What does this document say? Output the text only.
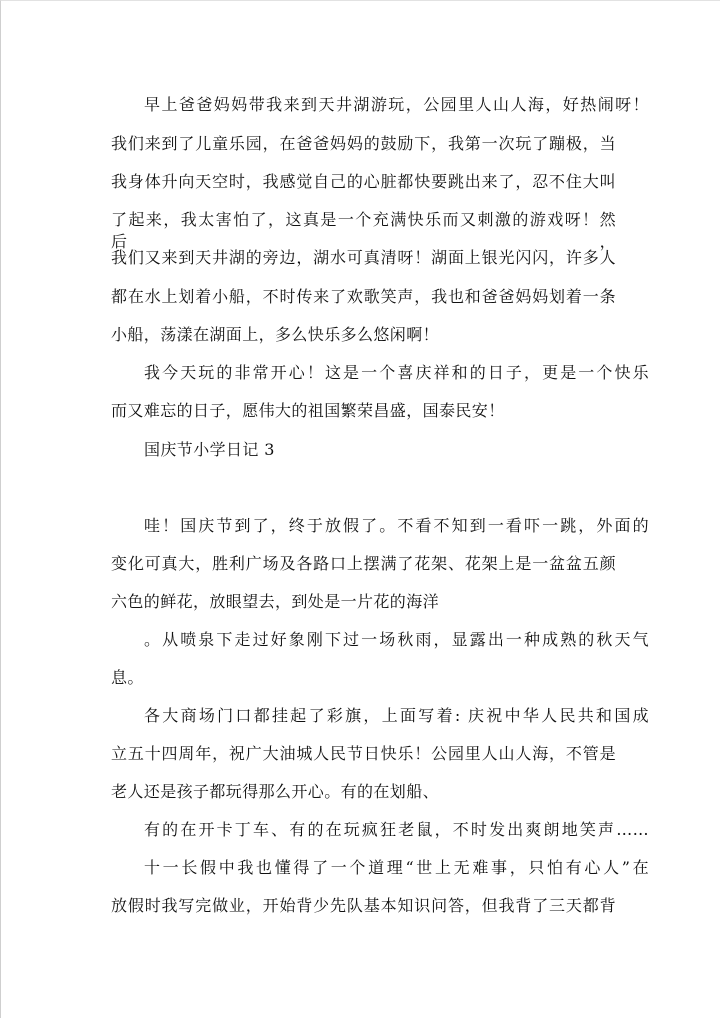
早上爸爸妈妈带我来到天井湖游玩，公园里人山人海，好热闹呀！
我们来到了儿童乐园，在爸爸妈妈的鼓励下，我第一次玩了蹦极，当
我身体升向天空时，我感觉自己的心脏都快要跳出来了，忍不住大叫
了起来，我太害怕了，这真是一个充满快乐而又刺激的游戏呀！然后，
我们又来到天井湖的旁边，湖水可真清呀！湖面上银光闪闪，许多人
都在水上划着小船，不时传来了欢歌笑声，我也和爸爸妈妈划着一条
小船，荡漾在湖面上，多么快乐多么悠闲啊！
我今天玩的非常开心！这是一个喜庆祥和的日子，更是一个快乐
而又难忘的日子，愿伟大的祖国繁荣昌盛，国泰民安！
国庆节小学日记 3
哇！国庆节到了，终于放假了。不看不知到一看吓一跳，外面的
变化可真大，胜利广场及各路口上摆满了花架、花架上是一盆盆五颜
六色的鲜花，放眼望去，到处是一片花的海洋
。从喷泉下走过好象刚下过一场秋雨，显露出一种成熟的秋天气
息。
各大商场门口都挂起了彩旗，上面写着: 庆祝中华人民共和国成
立五十四周年，祝广大油城人民节日快乐！公园里人山人海，不管是
老人还是孩子都玩得那么开心。有的在划船、
有的在开卡丁车、有的在玩疯狂老鼠，不时发出爽朗地笑声……
十一长假中我也懂得了一个道理“世上无难事，只怕有心人”在
放假时我写完做业，开始背少先队基本知识问答，但我背了三天都背
